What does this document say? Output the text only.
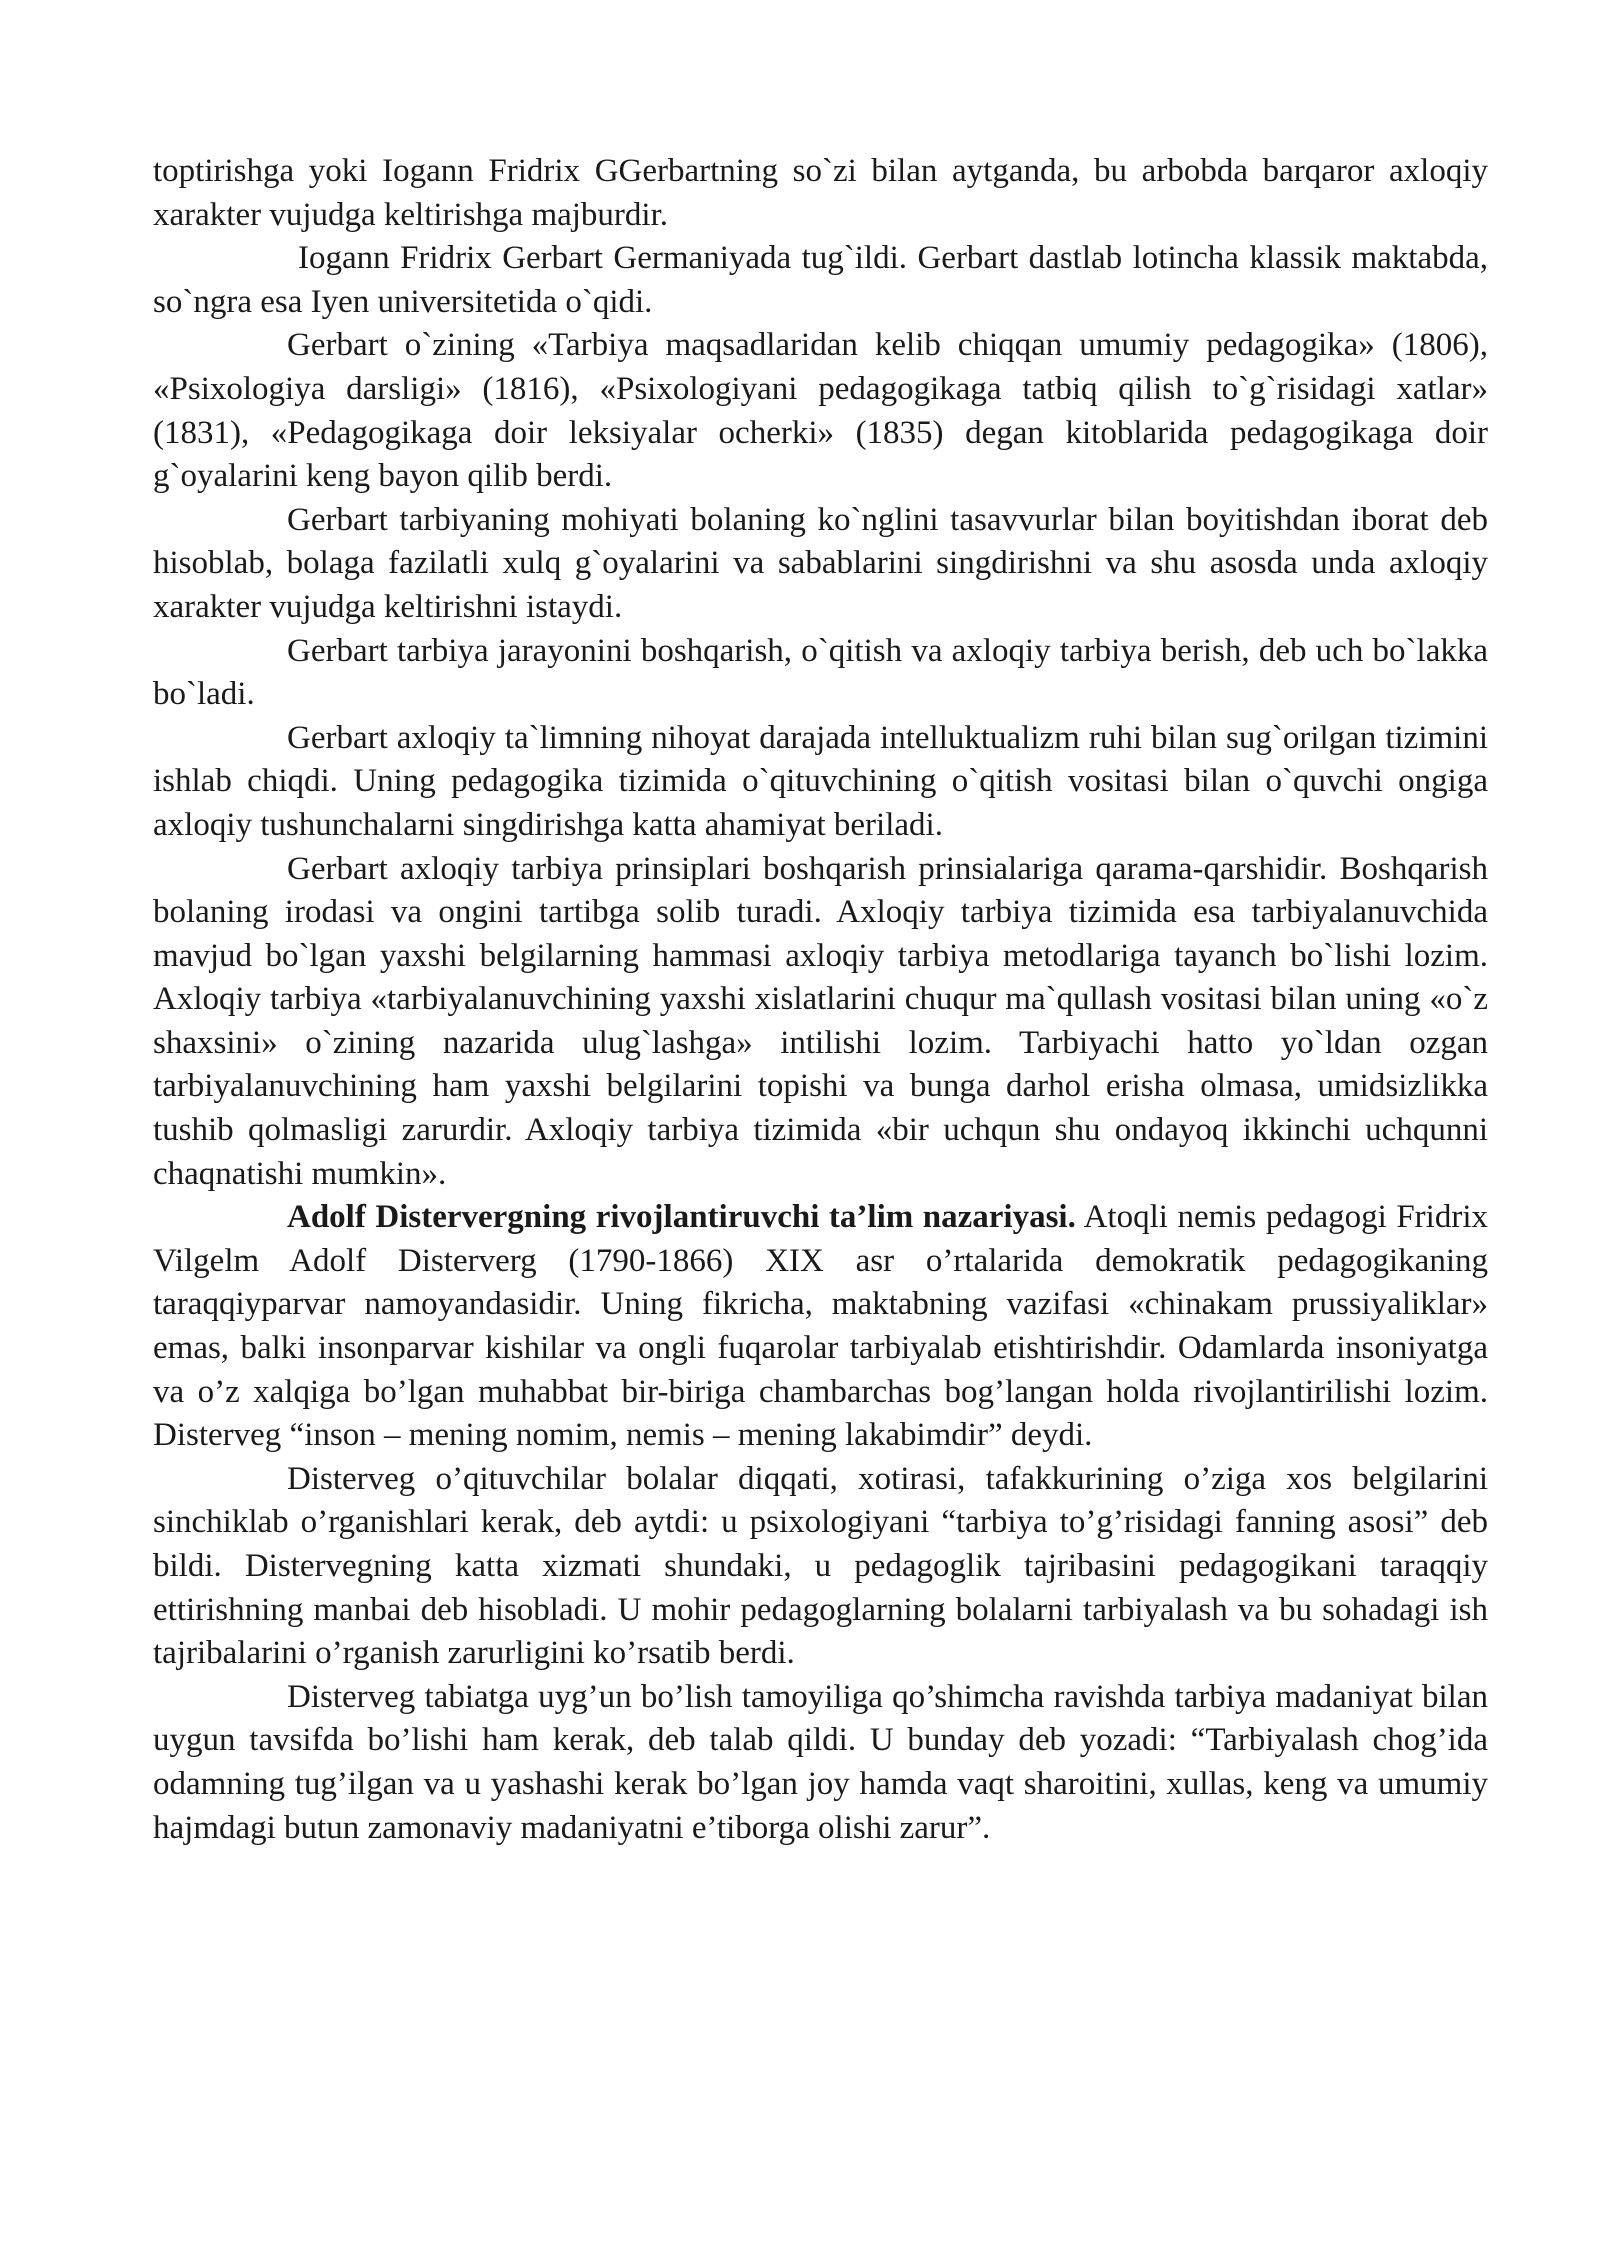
toptirishga yoki Iogann Fridrix GGerbartning so`zi bilan aytganda, bu arbobda barqaror axloqiy xarakter vujudga keltirishga majburdir.

Iogann Fridrix Gerbart Germaniyada tug`ildi. Gerbart dastlab lotincha klassik maktabda, so`ngra esa Iyen universitetida o`qidi.

Gerbart o`zining «Tarbiya maqsadlaridan kelib chiqqan umumiy pedagogika» (1806), «Psixologiya darsligi» (1816), «Psixologiyani pedagogikaga tatbiq qilish to`g`risidagi xatlar» (1831), «Pedagogikaga doir leksiyalar ocherki» (1835) degan kitoblarida pedagogikaga doir g`oyalarini keng bayon qilib berdi.

Gerbart tarbiyaning mohiyati bolaning ko`nglini tasavvurlar bilan boyitishdan iborat deb hisoblab, bolaga fazilatli xulq g`oyalarini va sabablarini singdirishni va shu asosda unda axloqiy xarakter vujudga keltirishni istaydi.

Gerbart tarbiya jarayonini boshqarish, o`qitish va axloqiy tarbiya berish, deb uch bo`lakka bo`ladi.

Gerbart axloqiy ta`limning nihoyat darajada intelluktualizm ruhi bilan sug`orilgan tizimini ishlab chiqdi. Uning pedagogika tizimida o`qituvchining o`qitish vositasi bilan o`quvchi ongiga axloqiy tushunchalarni singdirishga katta ahamiyat beriladi.

Gerbart axloqiy tarbiya prinsiplari boshqarish prinsialariga qarama-qarshidir. Boshqarish bolaning irodasi va ongini tartibga solib turadi. Axloqiy tarbiya tizimida esa tarbiyalanuvchida mavjud bo`lgan yaxshi belgilarning hammasi axloqiy tarbiya metodlariga tayanch bo`lishi lozim. Axloqiy tarbiya «tarbiyalanuvchining yaxshi xislatlarini chuqur ma`qullash vositasi bilan uning «o`z shaxsini» o`zining nazarida ulug`lashga» intilishi lozim. Tarbiyachi hatto yo`ldan ozgan tarbiyalanuvchining ham yaxshi belgilarini topishi va bunga darhol erisha olmasa, umidsizlikka tushib qolmasligi zarurdir. Axloqiy tarbiya tizimida «bir uchqun shu ondayoq ikkinchi uchqunni chaqnatishi mumkin».

Adolf Distervergning rivojlantiruvchi ta’lim nazariyasi. Atoqli nemis pedagogi Fridrix Vilgelm Adolf Disterverg (1790-1866) XIX asr o’rtalarida demokratik pedagogikaning taraqqiyparvar namoyandasidir. Uning fikricha, maktabning vazifasi «chinakam prussiyaliklar» emas, balki insonparvar kishilar va ongli fuqarolar tarbiyalab etishtirishdir. Odamlarda insoniyatga va o’z xalqiga bo’lgan muhabbat bir-biriga chambarchas bog’langan holda rivojlantirilishi lozim. Disterveg “inson – mening nomim, nemis – mening lakabimdir” deydi.

Disterveg o’qituvchilar bolalar diqqati, xotirasi, tafakkurining o’ziga xos belgilarini sinchiklab o’rganishlari kerak, deb aytdi: u psixologiyani “tarbiya to’g’risidagi fanning asosi” deb bildi. Distervegning katta xizmati shundaki, u pedagoglik tajribasini pedagogikani taraqqiy ettirishning manbai deb hisobladi. U mohir pedagoglarning bolalarni tarbiyalash va bu sohadagi ish tajribalarini o’rganish zarurligini ko’rsatib berdi.

Disterveg tabiatga uyg’un bo’lish tamoyiliga qo’shimcha ravishda tarbiya madaniyat bilan uygun tavsifda bo’lishi ham kerak, deb talab qildi. U bunday deb yozadi: “Tarbiyalash chog’ida odamning tug’ilgan va u yashashi kerak bo’lgan joy hamda vaqt sharoitini, xullas, keng va umumiy hajmdagi butun zamonaviy madaniyatni e’tiborga olishi zarur”.
